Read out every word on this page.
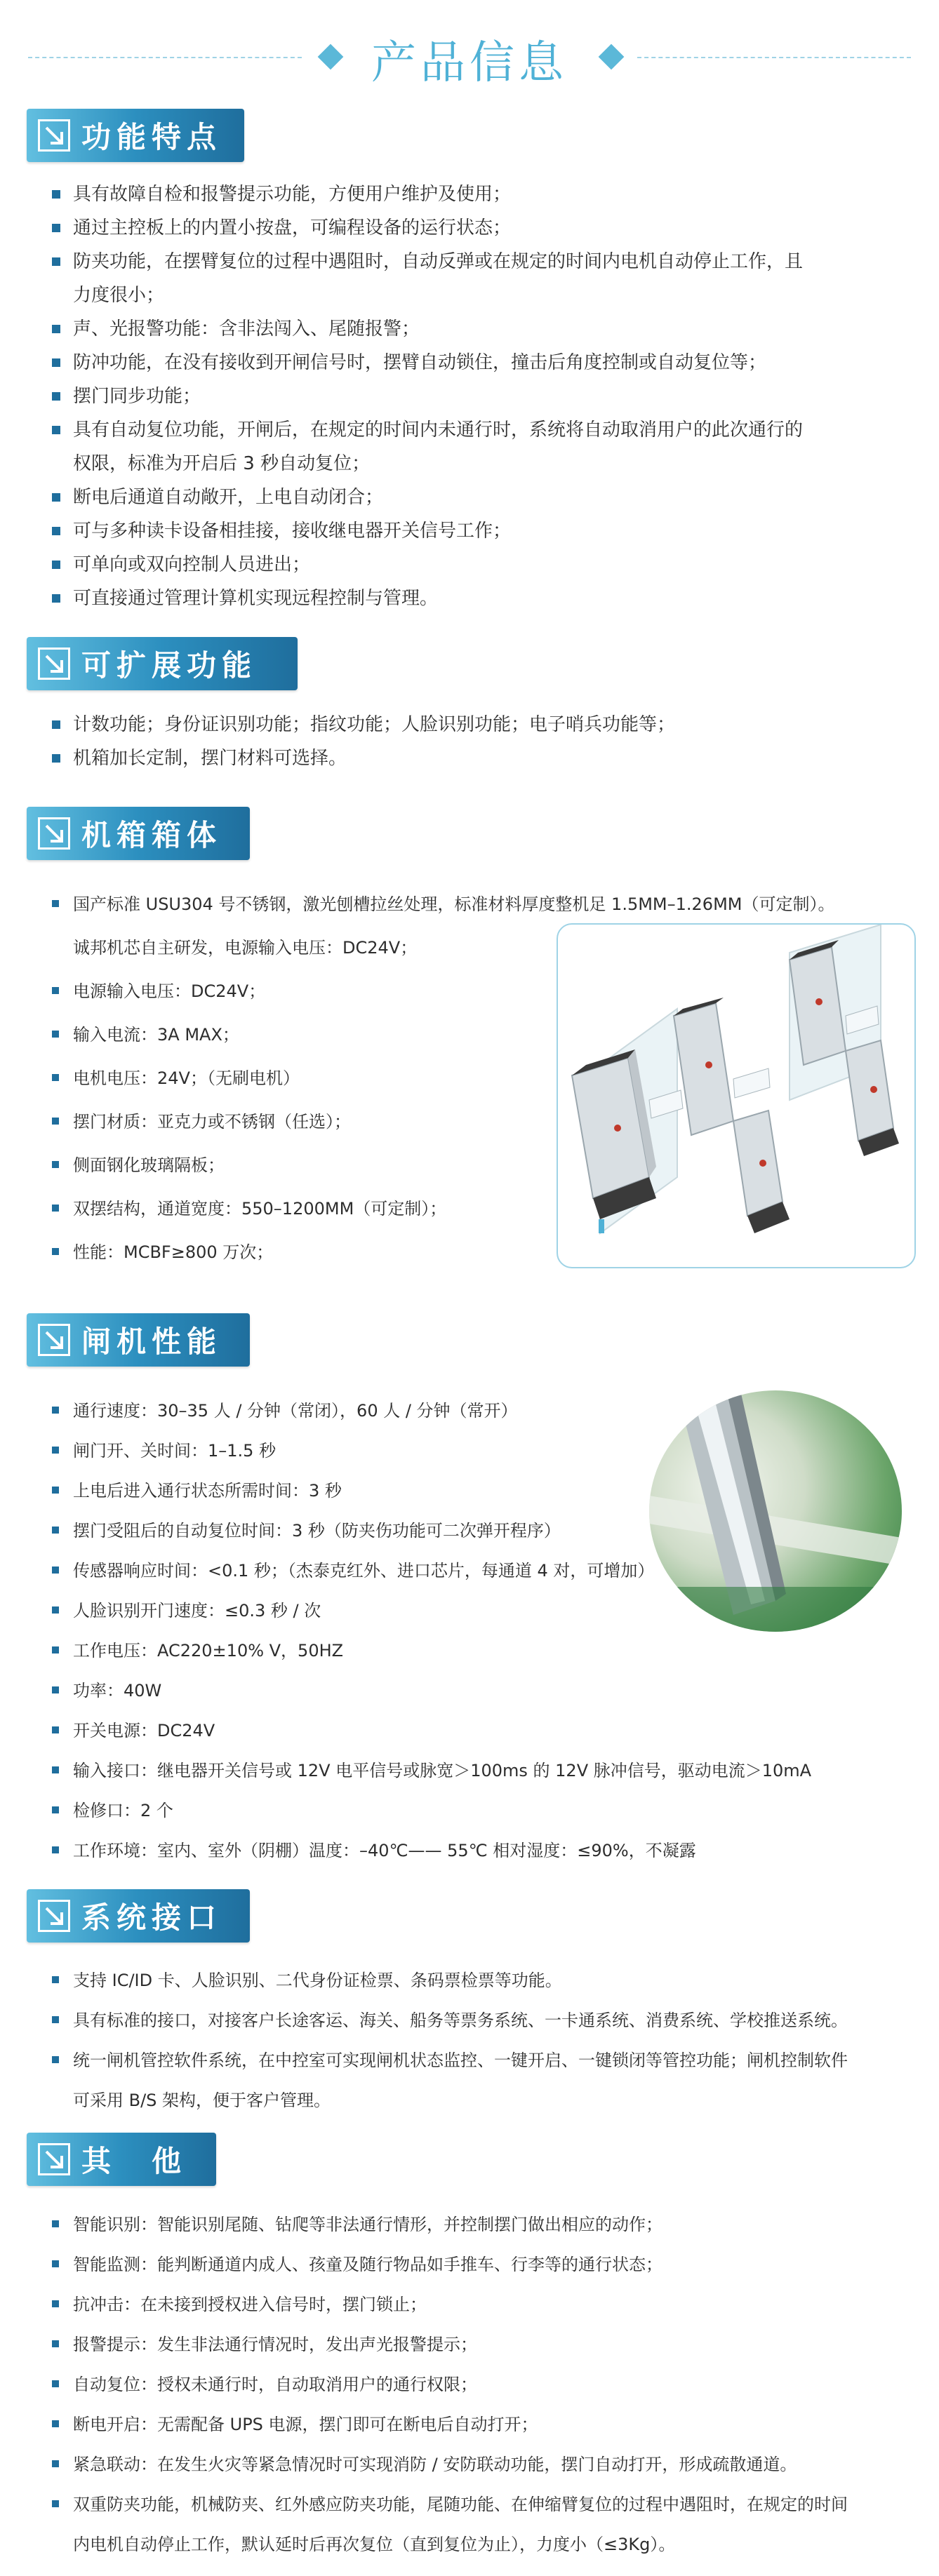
产品信息
功能特点
具有故障自检和报警提示功能，方便用户维护及使用；
通过主控板上的内置小按盘，可编程设备的运行状态；
防夹功能，在摆臂复位的过程中遇阻时，自动反弹或在规定的时间内电机自动停止工作，且
力度很小；
声、光报警功能：含非法闯入、尾随报警；
防冲功能，在没有接收到开闸信号时，摆臂自动锁住，撞击后角度控制或自动复位等；
摆门同步功能；
具有自动复位功能，开闸后，在规定的时间内未通行时，系统将自动取消用户的此次通行的
权限，标准为开启后 3 秒自动复位；
断电后通道自动敞开，上电自动闭合；
可与多种读卡设备相挂接，接收继电器开关信号工作；
可单向或双向控制人员进出；
可直接通过管理计算机实现远程控制与管理。
可扩展功能
计数功能；身份证识别功能；指纹功能；人脸识别功能；电子哨兵功能等；
机箱加长定制，摆门材料可选择。
机箱箱体
国产标准 USU304 号不锈钢，激光刨槽拉丝处理，标准材料厚度整机足 1.5MM–1.26MM（可定制）。
诚邦机芯自主研发，电源输入电压：DC24V；
电源输入电压：DC24V；
输入电流：3A MAX；
电机电压：24V；（无刷电机）
摆门材质：亚克力或不锈钢（任选）；
侧面钢化玻璃隔板；
双摆结构，通道宽度：550–1200MM（可定制）；
性能：MCBF≥800 万次；
闸机性能
通行速度：30–35 人 / 分钟（常闭），60 人 / 分钟（常开）
闸门开、关时间：1–1.5 秒
上电后进入通行状态所需时间：3 秒
摆门受阻后的自动复位时间：3 秒（防夹伤功能可二次弹开程序）
传感器响应时间：<0.1 秒；（杰泰克红外、进口芯片，每通道 4 对，可增加）
人脸识别开门速度：≤0.3 秒 / 次
工作电压：AC220±10% V，50HZ
功率：40W
开关电源：DC24V
输入接口：继电器开关信号或 12V 电平信号或脉宽＞100ms 的 12V 脉冲信号，驱动电流＞10mA
检修口：2 个
工作环境：室内、室外（阴棚）温度：–40℃—— 55℃ 相对湿度：≤90%，不凝露
系统接口
支持 IC/ID 卡、人脸识别、二代身份证检票、条码票检票等功能。
具有标准的接口，对接客户长途客运、海关、船务等票务系统、一卡通系统、消费系统、学校推送系统。
统一闸机管控软件系统，在中控室可实现闸机状态监控、一键开启、一键锁闭等管控功能；闸机控制软件
可采用 B/S 架构，便于客户管理。
其　他
智能识别：智能识别尾随、钻爬等非法通行情形，并控制摆门做出相应的动作；
智能监测：能判断通道内成人、孩童及随行物品如手推车、行李等的通行状态；
抗冲击：在未接到授权进入信号时，摆门锁止；
报警提示：发生非法通行情况时，发出声光报警提示；
自动复位：授权未通行时，自动取消用户的通行权限；
断电开启：无需配备 UPS 电源，摆门即可在断电后自动打开；
紧急联动：在发生火灾等紧急情况时可实现消防 / 安防联动功能，摆门自动打开，形成疏散通道。
双重防夹功能，机械防夹、红外感应防夹功能，尾随功能、在伸缩臂复位的过程中遇阻时，在规定的时间
内电机自动停止工作，默认延时后再次复位（直到复位为止），力度小（≤3Kg）。
